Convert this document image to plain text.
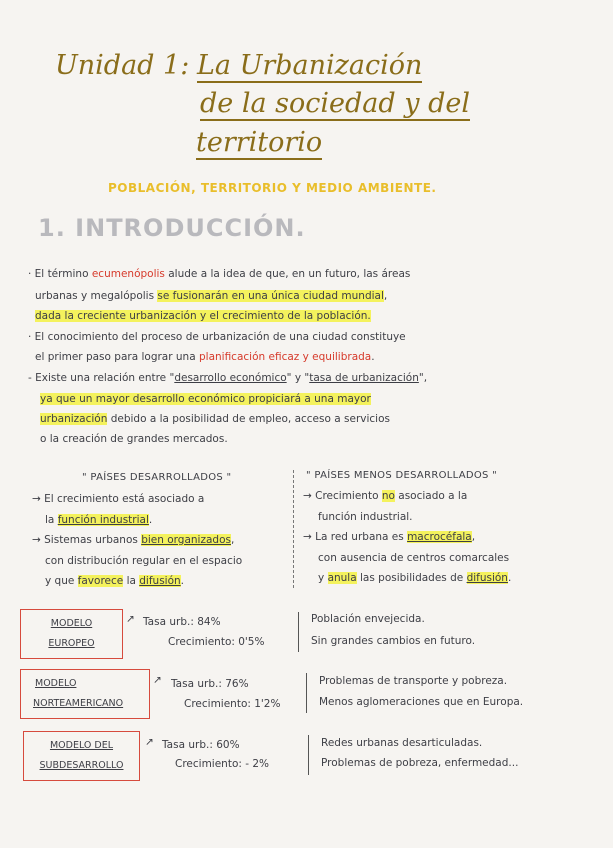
Unidad 1: La Urbanización
de la sociedad y del
territorio
POBLACIÓN, TERRITORIO Y MEDIO AMBIENTE.
1. INTRODUCCIÓN.
· El término ecumenópolis alude a la idea de que, en un futuro, las áreas
urbanas y megalópolis se fusionarán en una única ciudad mundial,
dada la creciente urbanización y el crecimiento de la población.
· El conocimiento del proceso de urbanización de una ciudad constituye
el primer paso para lograr una planificación eficaz y equilibrada.
- Existe una relación entre "desarrollo económico" y "tasa de urbanización",
ya que un mayor desarrollo económico propiciará a una mayor
urbanización debido a la posibilidad de empleo, acceso a servicios
o la creación de grandes mercados.
" PAÍSES DESARROLLADOS "
→ El crecimiento está asociado a
la función industrial.
→ Sistemas urbanos bien organizados,
con distribución regular en el espacio
y que favorece la difusión.
" PAÍSES MENOS DESARROLLADOS "
→ Crecimiento no asociado a la
función industrial.
→ La red urbana es macrocéfala,
con ausencia de centros comarcales
y anula las posibilidades de difusión.
MODELO
EUROPEO
↗ Tasa urb.: 84%
Crecimiento: 0'5%
Población envejecida.
Sin grandes cambios en futuro.
MODELO
NORTEAMERICANO
↗ Tasa urb.: 76%
Crecimiento: 1'2%
Problemas de transporte y pobreza.
Menos aglomeraciones que en Europa.
MODELO DEL
SUBDESARROLLO
↗ Tasa urb.: 60%
Crecimiento: - 2%
Redes urbanas desarticuladas.
Problemas de pobreza, enfermedad...
